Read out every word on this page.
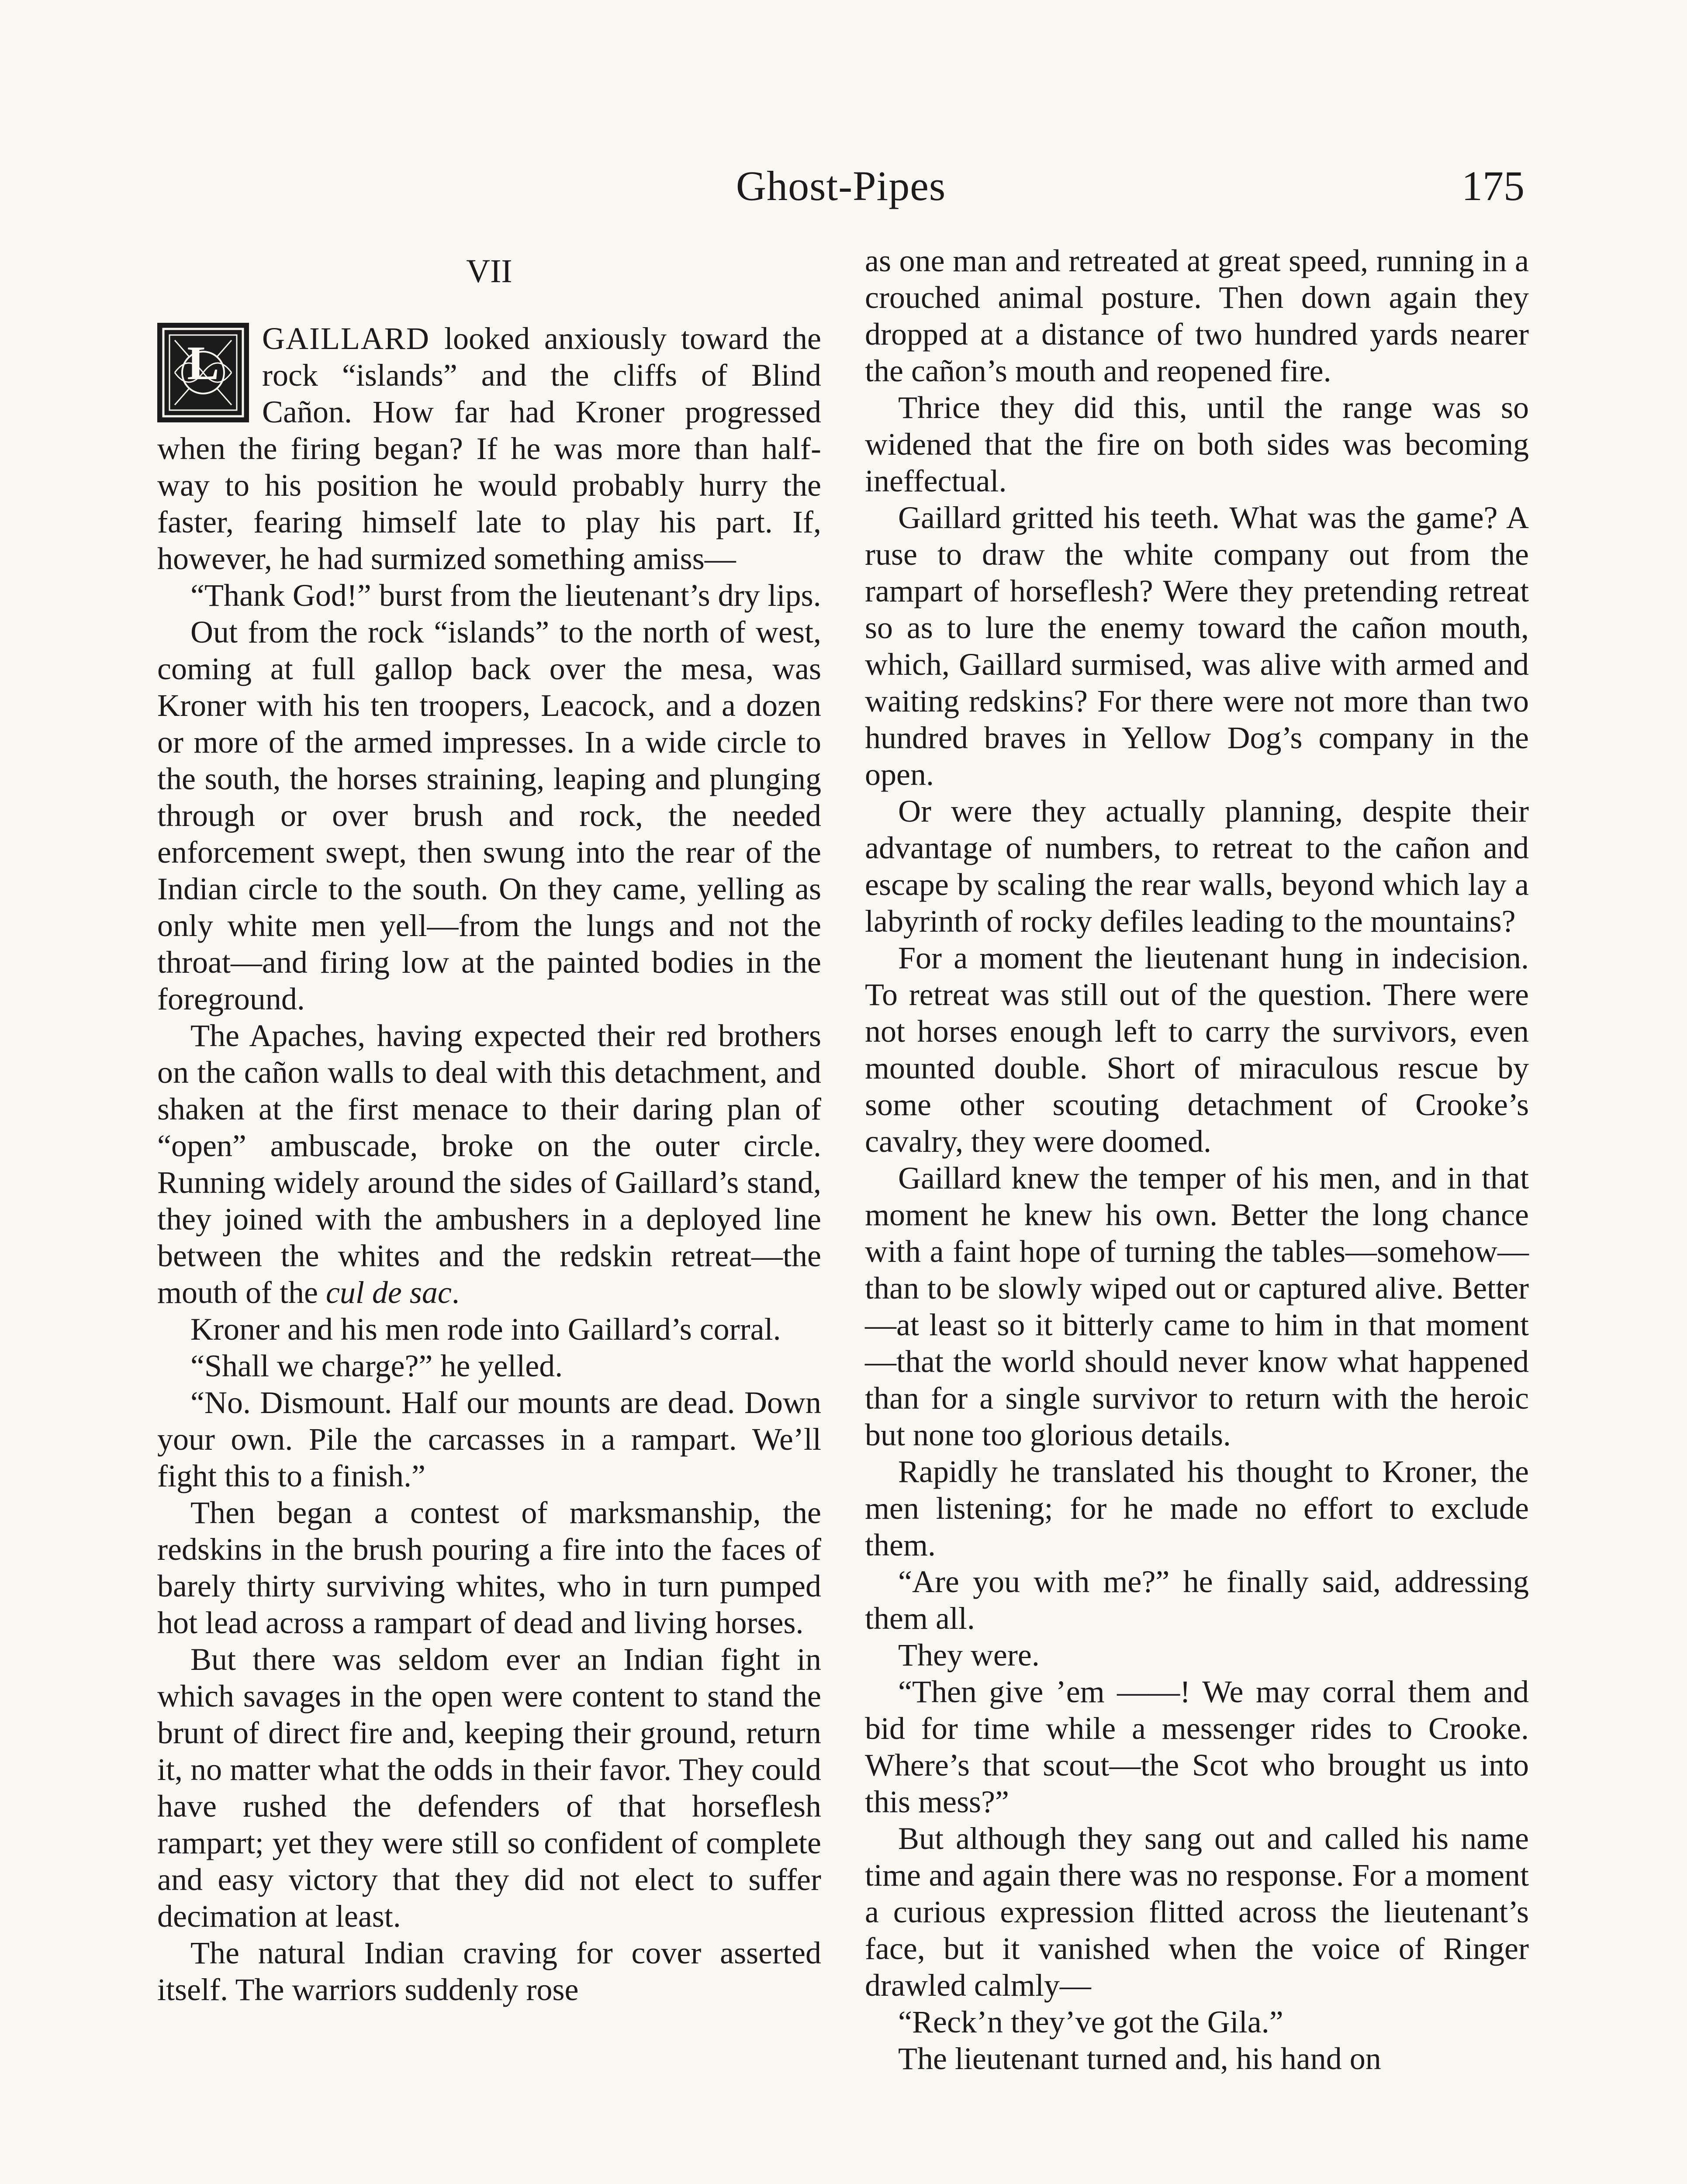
Ghost-Pipes	175
VII

L	GAILLARD looked anxiously toward the rock “islands” and the cliffs of Blind Cañon. How far had Kroner progressed when the firing began? If he was more than half-way to his position he would probably hurry the faster, fearing himself late to play his part. If, however, he had surmized something amiss—

“Thank God!” burst from the lieutenant’s dry lips.

Out from the rock “islands” to the north of west, coming at full gallop back over the mesa, was Kroner with his ten troopers, Leacock, and a dozen or more of the armed impresses. In a wide circle to the south, the horses straining, leaping and plunging through or over brush and rock, the needed enforcement swept, then swung into the rear of the Indian circle to the south. On they came, yelling as only white men yell—from the lungs and not the throat—and firing low at the painted bodies in the foreground.

The Apaches, having expected their red brothers on the cañon walls to deal with this detachment, and shaken at the first menace to their daring plan of “open” ambuscade, broke on the outer circle. Running widely around the sides of Gaillard’s stand, they joined with the ambushers in a deployed line between the whites and the redskin retreat—the mouth of the cul de sac.

Kroner and his men rode into Gaillard’s corral.

“Shall we charge?” he yelled.

“No. Dismount. Half our mounts are dead. Down your own. Pile the carcasses in a rampart. We’ll fight this to a finish.”

Then began a contest of marksmanship, the redskins in the brush pouring a fire into the faces of barely thirty surviving whites, who in turn pumped hot lead across a rampart of dead and living horses.

But there was seldom ever an Indian fight in which savages in the open were content to stand the brunt of direct fire and, keeping their ground, return it, no matter what the odds in their favor. They could have rushed the defenders of that horseflesh rampart; yet they were still so confident of complete and easy victory that they did not elect to suffer decimation at least.

The natural Indian craving for cover asserted itself. The warriors suddenly rose

as one man and retreated at great speed, running in a crouched animal posture. Then down again they dropped at a distance of two hundred yards nearer the cañon’s mouth and reopened fire.

Thrice they did this, until the range was so widened that the fire on both sides was becoming ineffectual.

Gaillard gritted his teeth. What was the game? A ruse to draw the white company out from the rampart of horseflesh? Were they pretending retreat so as to lure the enemy toward the cañon mouth, which, Gaillard surmised, was alive with armed and waiting redskins? For there were not more than two hundred braves in Yellow Dog’s company in the open.

Or were they actually planning, despite their advantage of numbers, to retreat to the cañon and escape by scaling the rear walls, beyond which lay a labyrinth of rocky defiles leading to the mountains?

For a moment the lieutenant hung in indecision. To retreat was still out of the question. There were not horses enough left to carry the survivors, even mounted double. Short of miraculous rescue by some other scouting detachment of Crooke’s cavalry, they were doomed.

Gaillard knew the temper of his men, and in that moment he knew his own. Better the long chance with a faint hope of turning the tables—somehow—than to be slowly wiped out or captured alive. Better—at least so it bitterly came to him in that moment—that the world should never know what happened than for a single survivor to return with the heroic but none too glorious details.

Rapidly he translated his thought to Kroner, the men listening; for he made no effort to exclude them.

“Are you with me?” he finally said, addressing them all.

They were.

“Then give ’em ——! We may corral them and bid for time while a messenger rides to Crooke. Where’s that scout—the Scot who brought us into this mess?”

But although they sang out and called his name time and again there was no response. For a moment a curious expression flitted across the lieutenant’s face, but it vanished when the voice of Ringer drawled calmly—

“Reck’n they’ve got the Gila.”

The lieutenant turned and, his hand on
